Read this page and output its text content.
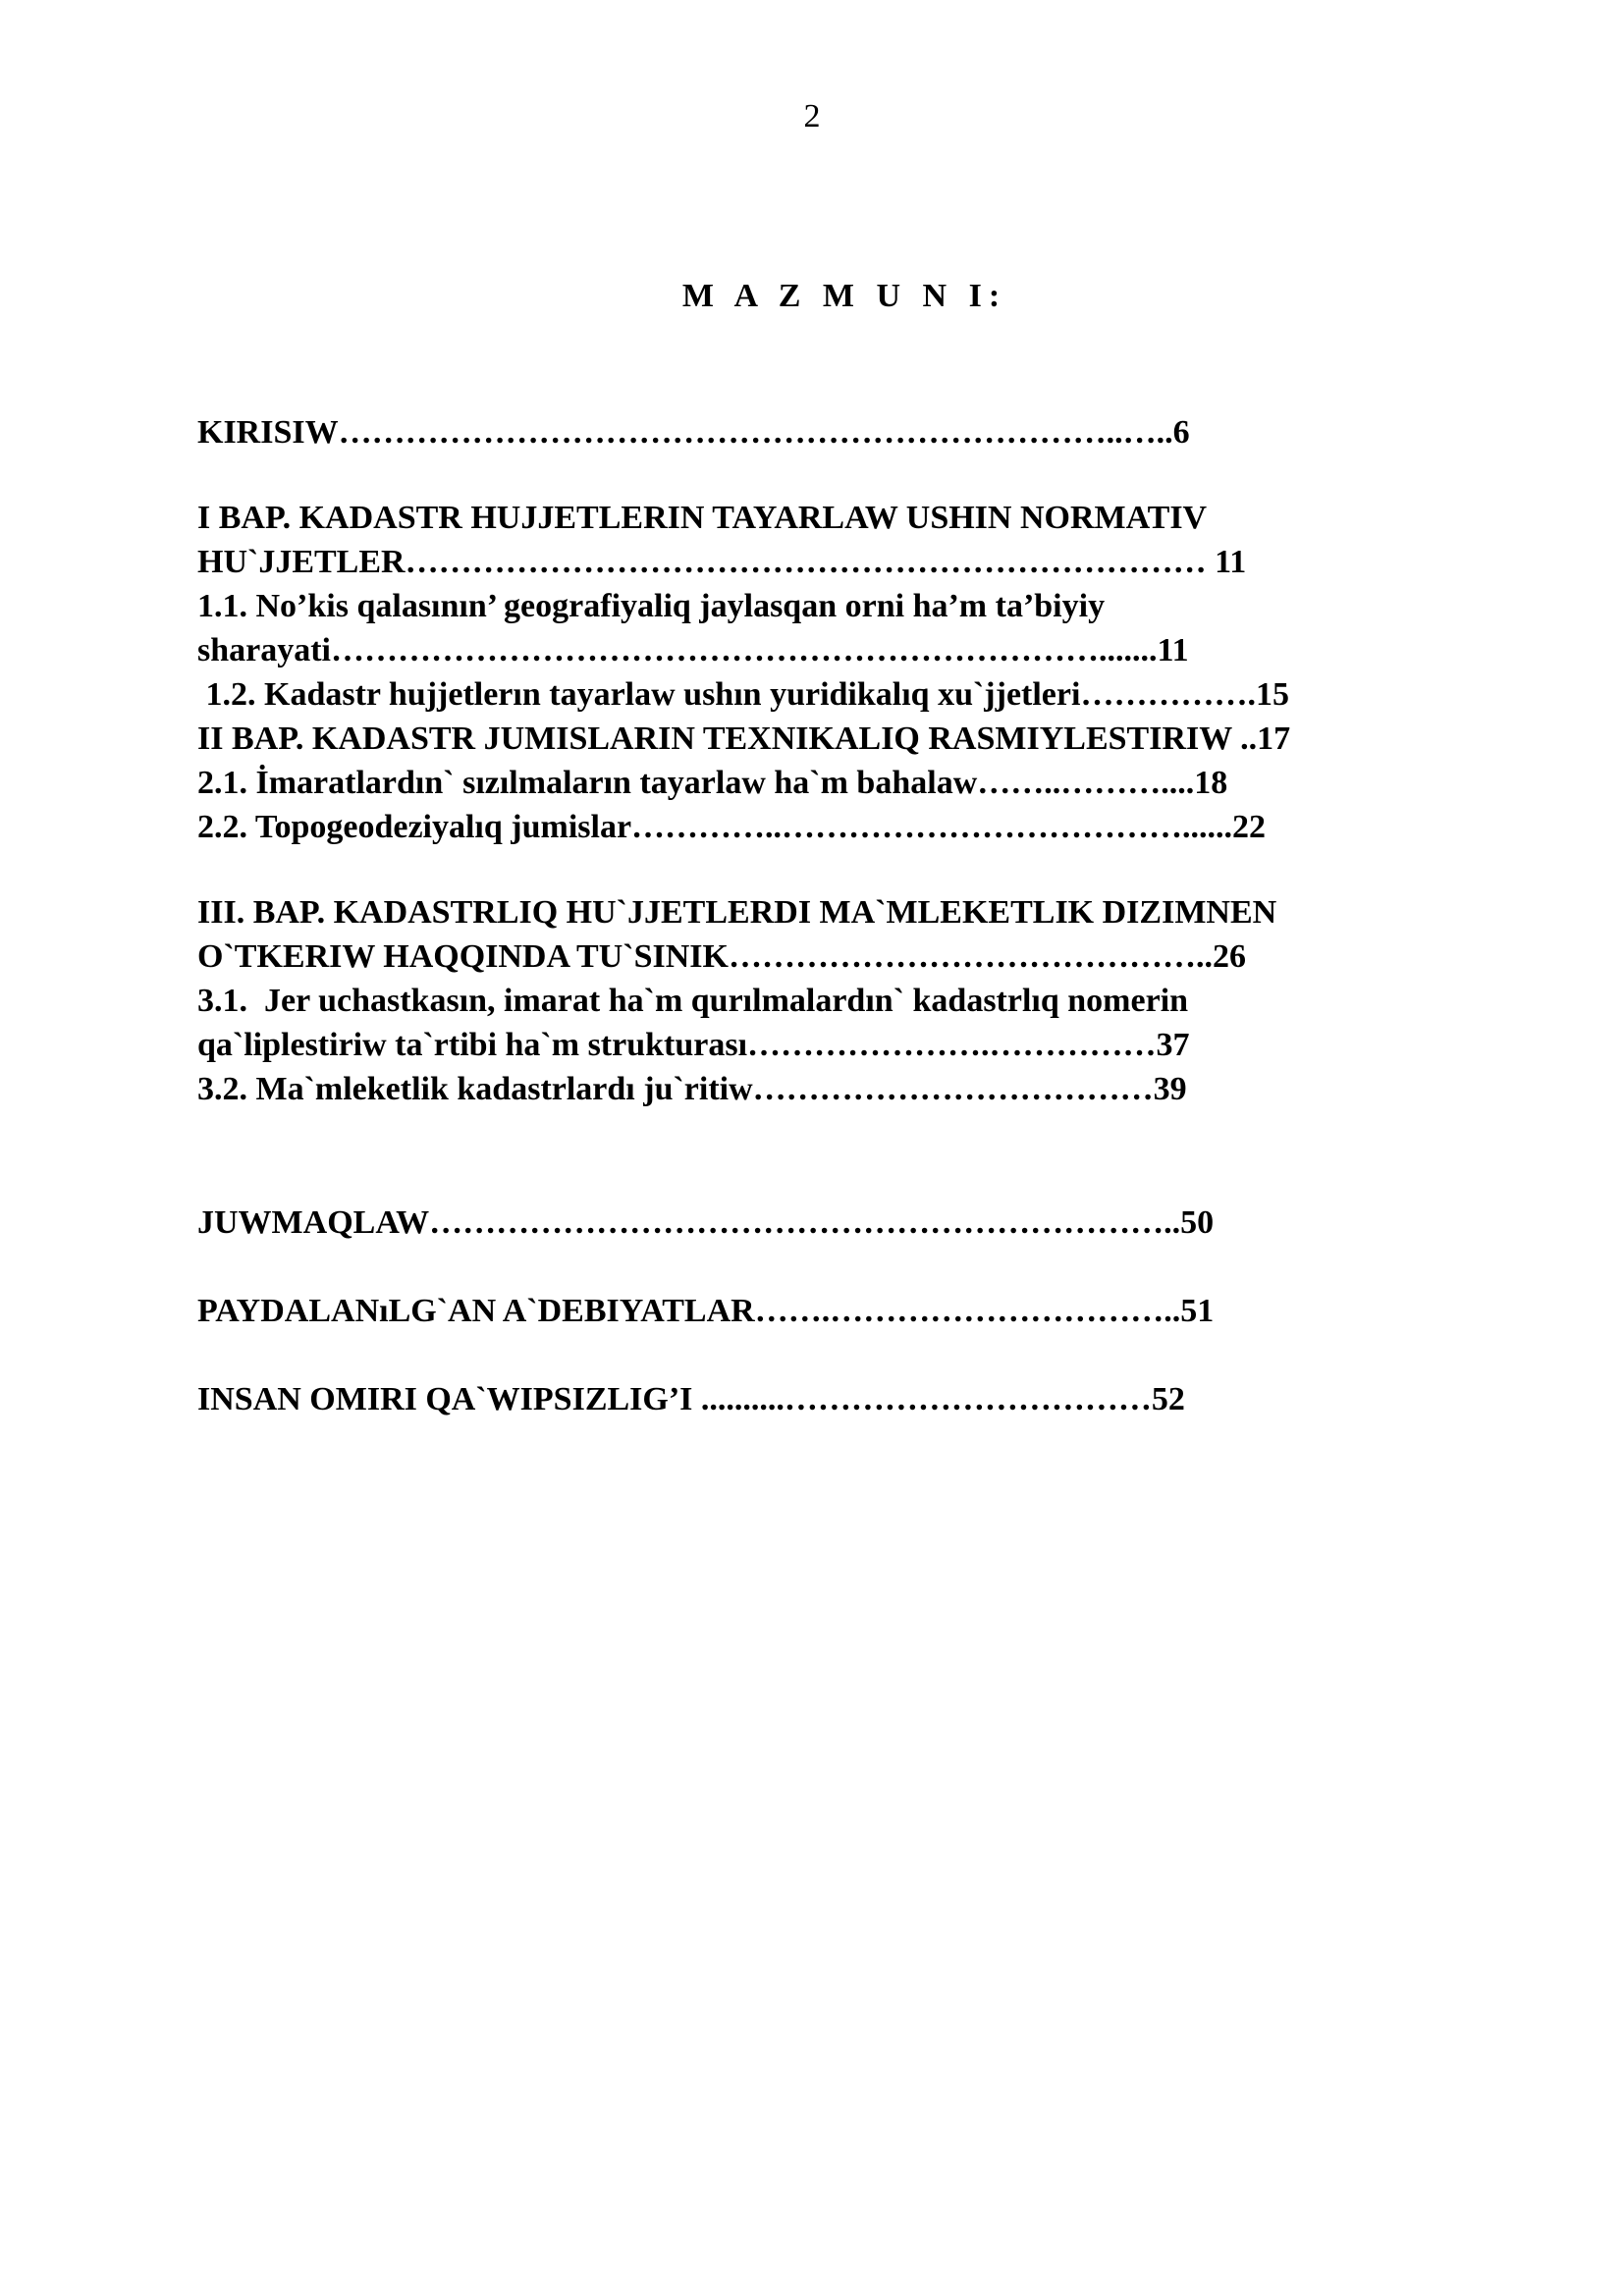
2
M A Z M U N I:
KIRISIW……………………………………………………………..…..6
I BAP. KADASTR HUJJETLERIN TAYARLAW USHIN NORMATIV
HU`JJETLER……………………………………………………………… 11
1.1. No’kis qalasının’ geografiyaliq jaylasqan orni ha’m ta’biyiy
sharayati…………………………………………………………….......11
1.2. Kadastr hujjetlerın tayarlaw ushın yuridikalıq xu`jjetleri…………….15
II BAP. KADASTR JUMISLARIN TEXNIKALIQ RASMIYLESTIRIW ..17
2.1. İmaratlardın` sızılmaların tayarlaw ha`m bahalaw……..………....18
2.2. Topogeodeziyalıq jumislar…………..………………………………......22
III. BAP. KADASTRLIQ HU`JJETLERDI MA`MLEKETLIK DIZIMNEN
O`TKERIW HAQQINDA TU`SINIK……………………………………..26
3.1.  Jer uchastkasın, imarat ha`m qurılmalardın` kadastrlıq nomerin
qa`liplestiriw ta`rtibi ha`m strukturası………………….……………37
3.2. Ma`mleketlik kadastrlardı ju`ritiw………………………………39
JUWMAQLAW…………………………………………………………..50
PAYDALANıLG`AN A`DEBIYATLAR…….…………………………..51
INSAN OMIRI QA`WIPSIZLIG’I ..........……………………………52
